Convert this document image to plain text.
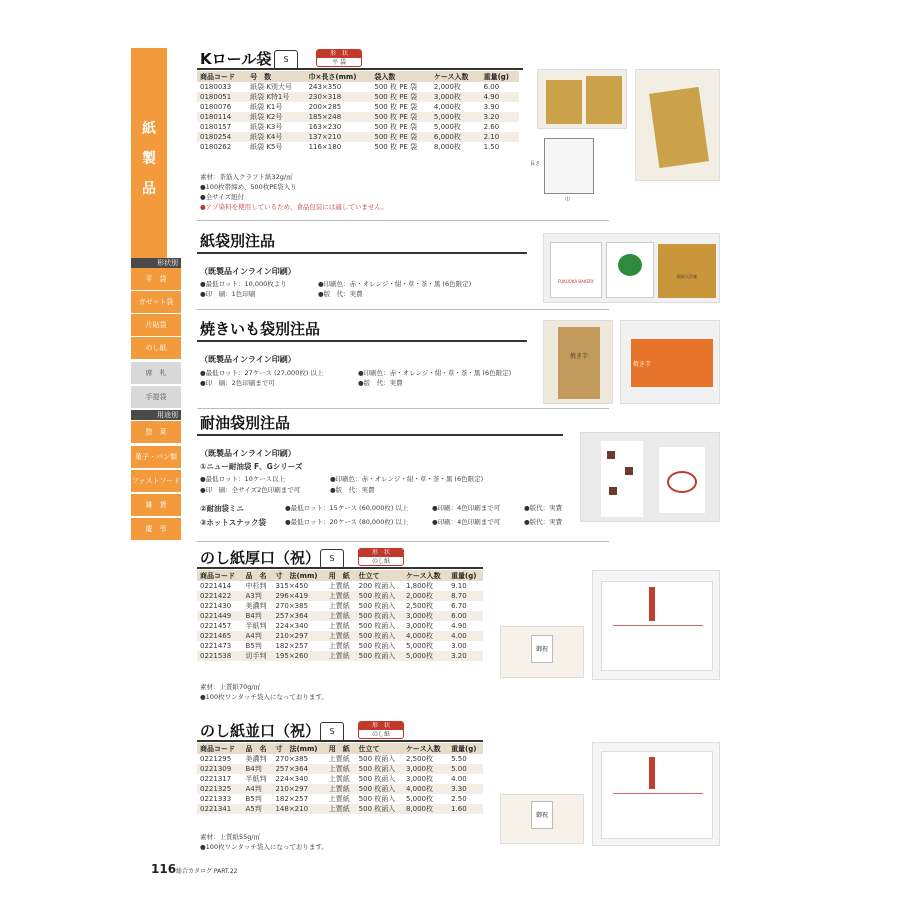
紙
製
品
形状別
平　袋
ガゼット袋
片貼袋
のし紙
席　札
手提袋
用途別
惣　菜
菓子・パン類
ファストフード
雑　貨
慶　弔
Kロール袋	S
形　状
平 袋
商品コード	号　数	巾×長さ(mm)	袋入数	ケース入数	重量(g)
0180033	紙袋 K別大号	243×350	500 枚 PE 袋	2,000枚	6.00
0180051	紙袋 K特1号	230×318	500 枚 PE 袋	3,000枚	4.90
0180076	紙袋 K1号	200×285	500 枚 PE 袋	4,000枚	3.90
0180114	紙袋 K2号	185×248	500 枚 PE 袋	5,000枚	3.20
0180157	紙袋 K3号	163×230	500 枚 PE 袋	5,000枚	2.60
0180254	紙袋 K4号	137×210	500 枚 PE 袋	6,000枚	2.10
0180262	紙袋 K5号	116×180	500 枚 PE 袋	8,000枚	1.50
素材：茶筋入クラフト紙32g/㎡
●100枚帯締め、500枚PE袋入り
●全サイズ紐付
●アゾ染料を使用しているため、食品包装には適していません。
長さ
巾
紙袋別注品
（既製品インライン印刷）
●最低ロット：10,000枚より
●印　刷：1色印刷
●印刷色：赤・オレンジ・紺・草・茶・黒 (6色限定)
●版　代：実費
FUKUOKA BAKERY
精屋天浜庵
焼きいも袋別注品
（既製品インライン印刷）
●最低ロット：27ケース (27,000枚) 以上
●印　刷：2色印刷まで可
●印刷色：赤・オレンジ・紺・草・茶・黒 (6色限定)
●版　代：実費
焼き芋
焼き芋
耐油袋別注品
（既製品インライン印刷）
①ニュー耐油袋 F、Gシリーズ
●最低ロット：10ケース以上
●印　刷：全サイズ2色印刷まで可
●印刷色：赤・オレンジ・紺・草・茶・黒 (6色限定)
●版　代：実費
②耐油袋ミニ	●最低ロット：15ケース (60,000枚) 以上	●印刷：4色印刷まで可	●版代：実費
③ホットスナック袋	●最低ロット：20ケース (80,000枚) 以上	●印刷：4色印刷まで可	●版代：実費
のし紙厚口（祝）	S
形　状
のし紙
商品コード	品　名	寸　法(mm)	用　紙	仕立て	ケース入数	重量(g)
0221414	中杉判	315×450	上質紙	200 枚函入	1,800枚	9.10
0221422	A3判	296×419	上質紙	500 枚函入	2,000枚	8.70
0221430	美濃判	270×385	上質紙	500 枚函入	2,500枚	6.70
0221449	B4判	257×364	上質紙	500 枚函入	3,000枚	6.00
0221457	半紙判	224×340	上質紙	500 枚函入	3,000枚	4.90
0221465	A4判	210×297	上質紙	500 枚函入	4,000枚	4.00
0221473	B5判	182×257	上質紙	500 枚函入	5,000枚	3.00
0221538	切手判	195×260	上質紙	500 枚函入	5,000枚	3.20
素材：上質紙70g/㎡
●100枚ワンタッチ袋入になっております。
御祝
のし紙並口（祝）	S
形　状
のし紙
商品コード	品　名	寸　法(mm)	用　紙	仕立て	ケース入数	重量(g)
0221295	美濃判	270×385	上質紙	500 枚函入	2,500枚	5.50
0221309	B4判	257×364	上質紙	500 枚函入	3,000枚	5.00
0221317	半紙判	224×340	上質紙	500 枚函入	3,000枚	4.00
0221325	A4判	210×297	上質紙	500 枚函入	4,000枚	3.30
0221333	B5判	182×257	上質紙	500 枚函入	5,000枚	2.50
0221341	A5判	148×210	上質紙	500 枚函入	8,000枚	1.60
素材：上質紙55g/㎡
●100枚ワンタッチ袋入になっております。
御祝
116 総合カタログ PART.22
